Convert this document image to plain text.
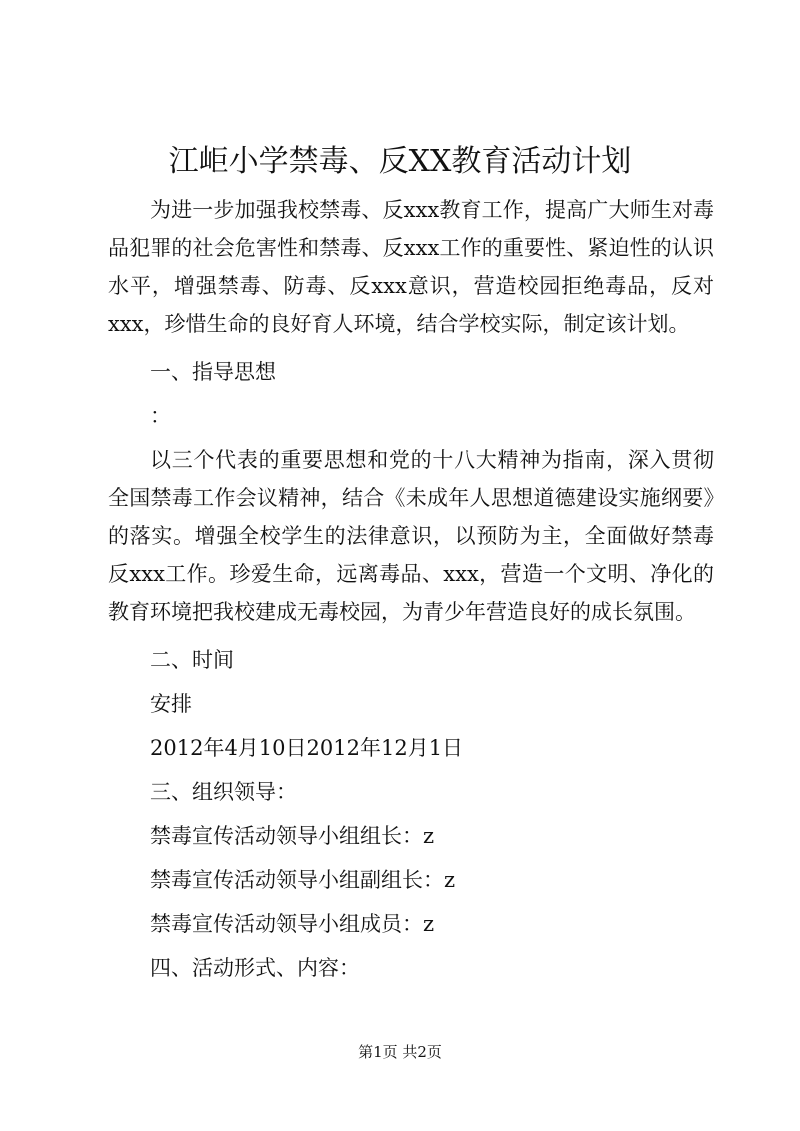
江岠小学禁毒、反XX教育活动计划

为进一步加强我校禁毒、反xxx教育工作，提高广大师生对毒品犯罪的社会危害性和禁毒、反xxx工作的重要性、紧迫性的认识水平，增强禁毒、防毒、反xxx意识，营造校园拒绝毒品，反对xxx，珍惜生命的良好育人环境，结合学校实际，制定该计划。

一、指导思想

：

以三个代表的重要思想和党的十八大精神为指南，深入贯彻全国禁毒工作会议精神，结合《未成年人思想道德建设实施纲要》的落实。增强全校学生的法律意识，以预防为主，全面做好禁毒反xxx工作。珍爱生命，远离毒品、xxx，营造一个文明、净化的教育环境把我校建成无毒校园，为青少年营造良好的成长氛围。

二、时间

安排

2012年4月10日2012年12月1日

三、组织领导：

禁毒宣传活动领导小组组长：z

禁毒宣传活动领导小组副组长：z

禁毒宣传活动领导小组成员：z

四、活动形式、内容：

第1页 共2页
